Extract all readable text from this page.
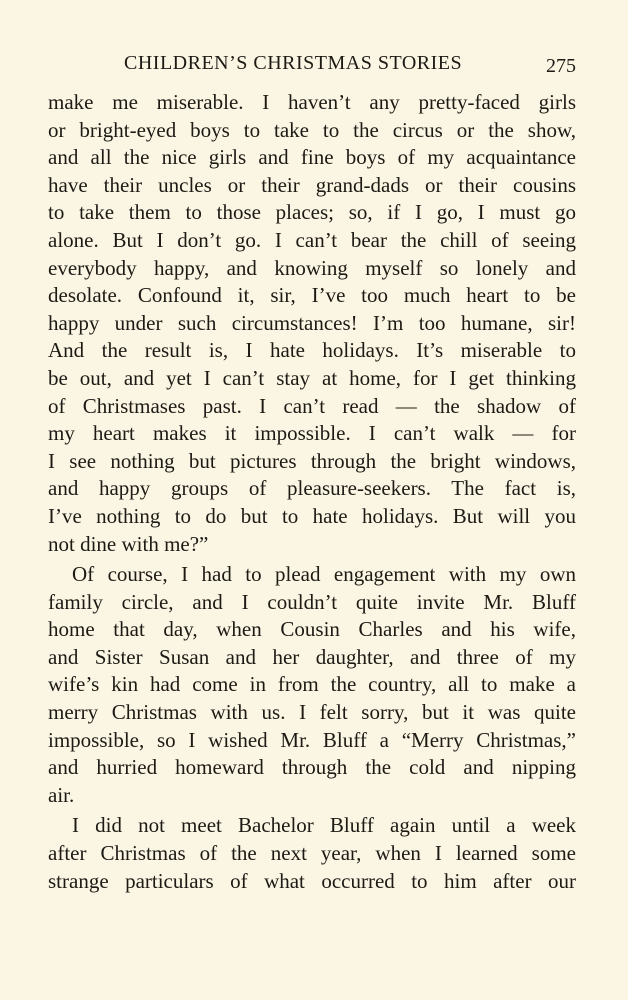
CHILDREN’S CHRISTMAS STORIES	275
make me miserable. I haven’t any pretty-faced girls
or bright-eyed boys to take to the circus or the show,
and all the nice girls and fine boys of my acquaintance
have their uncles or their grand-dads or their cousins
to take them to those places; so, if I go, I must go
alone. But I don’t go. I can’t bear the chill of seeing
everybody happy, and knowing myself so lonely and
desolate. Confound it, sir, I’ve too much heart to be
happy under such circumstances! I’m too humane, sir!
And the result is, I hate holidays. It’s miserable to
be out, and yet I can’t stay at home, for I get thinking
of Christmases past. I can’t read — the shadow of
my heart makes it impossible. I can’t walk — for
I see nothing but pictures through the bright windows,
and happy groups of pleasure-seekers. The fact is,
I’ve nothing to do but to hate holidays. But will you
not dine with me?”
Of course, I had to plead engagement with my own
family circle, and I couldn’t quite invite Mr. Bluff
home that day, when Cousin Charles and his wife,
and Sister Susan and her daughter, and three of my
wife’s kin had come in from the country, all to make a
merry Christmas with us. I felt sorry, but it was quite
impossible, so I wished Mr. Bluff a “Merry Christmas,”
and hurried homeward through the cold and nipping
air.
I did not meet Bachelor Bluff again until a week
after Christmas of the next year, when I learned some
strange particulars of what occurred to him after our
